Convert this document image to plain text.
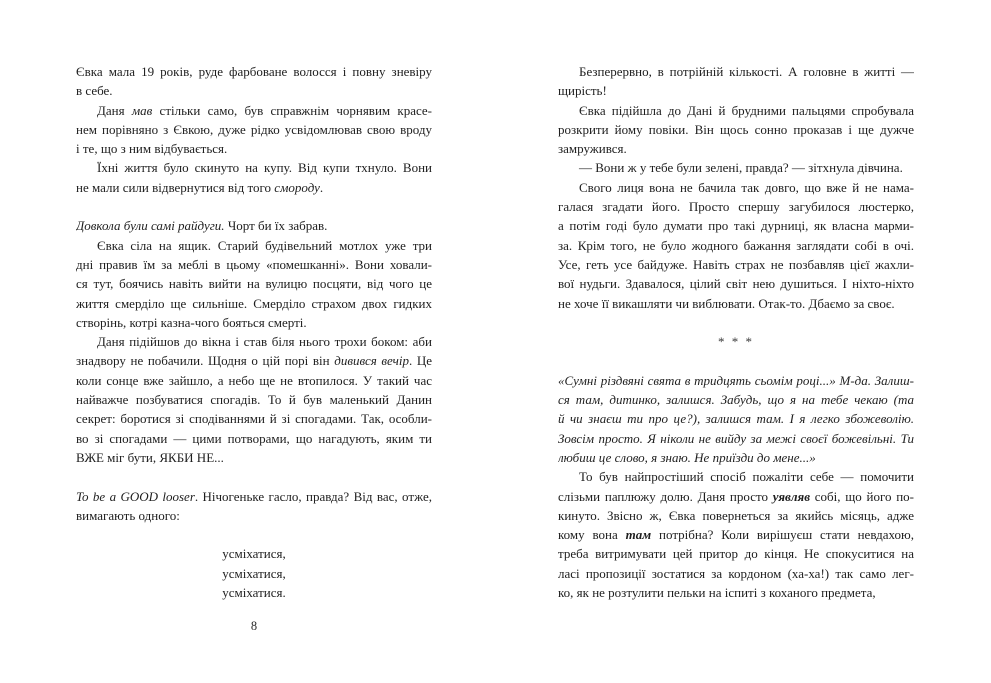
Євка мала 19 років, руде фарбоване волосся і повну зневіру
в себе.
Даня мав стільки само, був справжнім чорнявим красе-
нем порівняно з Євкою, дуже рідко усвідомлював свою вроду
і те, що з ним відбувається.
Їхні життя було скинуто на купу. Від купи тхнуло. Вони
не мали сили відвернутися від того смороду.
Довкола були самі райдуги. Чорт би їх забрав.
Євка сіла на ящик. Старий будівельний мотлох уже три
дні правив їм за меблі в цьому «помешканні». Вони ховали-
ся тут, боячись навіть вийти на вулицю посцяти, від чого це
життя смерділо ще сильніше. Смерділо страхом двох гидких
створінь, котрі казна-чого бояться смерті.
Даня підійшов до вікна і став біля нього трохи боком: аби
знадвору не побачили. Щодня о цій порі він дивився вечір. Це
коли сонце вже зайшло, а небо ще не втопилося. У такий час
найважче позбуватися спогадів. То й був маленький Данин
секрет: боротися зі сподіваннями й зі спогадами. Так, особли-
во зі спогадами — цими потворами, що нагадують, яким ти
ВЖЕ міг бути, ЯКБИ НЕ...
To be a GOOD looser. Нічогеньке гасло, правда? Від вас, отже,
вимагають одного:
усміхатися,
усміхатися,
усміхатися.
Безперервно, в потрійній кількості. А головне в житті —
щирість!
Євка підійшла до Дані й брудними пальцями спробувала
розкрити йому повіки. Він щось сонно проказав і ще дужче
замружився.
— Вони ж у тебе були зелені, правда? — зітхнула дівчина.
Свого лиця вона не бачила так довго, що вже й не нама-
галася згадати його. Просто спершу загубилося люстерко,
а потім годі було думати про такі дурниці, як власна марми-
за. Крім того, не було жодного бажання заглядати собі в очі.
Усе, геть усе байдуже. Навіть страх не позбавляв цієї жахли-
вої нудьги. Здавалося, цілий світ нею душиться. І ніхто-ніхто
не хоче її викашляти чи виблювати. Отак-то. Дбаємо за своє.
* * *
«Сумні різдвяні свята в тридцять сьомім році...» М-да. Залиш-
ся там, дитинко, залишся. Забудь, що я на тебе чекаю (та
й чи знаєш ти про це?), залишся там. І я легко збожеволію.
Зовсім просто. Я ніколи не вийду за межі своєї божевільні. Ти
любиш це слово, я знаю. Не приїзди до мене...»
То був найпростіший спосіб пожаліти себе — помочити
слізьми паплюжу долю. Даня просто уявляв собі, що його по-
кинуто. Звісно ж, Євка повернеться за якийсь місяць, адже
кому вона там потрібна? Коли вирішуєш стати невдахою,
треба витримувати цей притор до кінця. Не спокуситися на
ласі пропозиції зостатися за кордоном (ха-ха!) так само лег-
ко, як не розтулити пельки на іспиті з коханого предмета,
8
